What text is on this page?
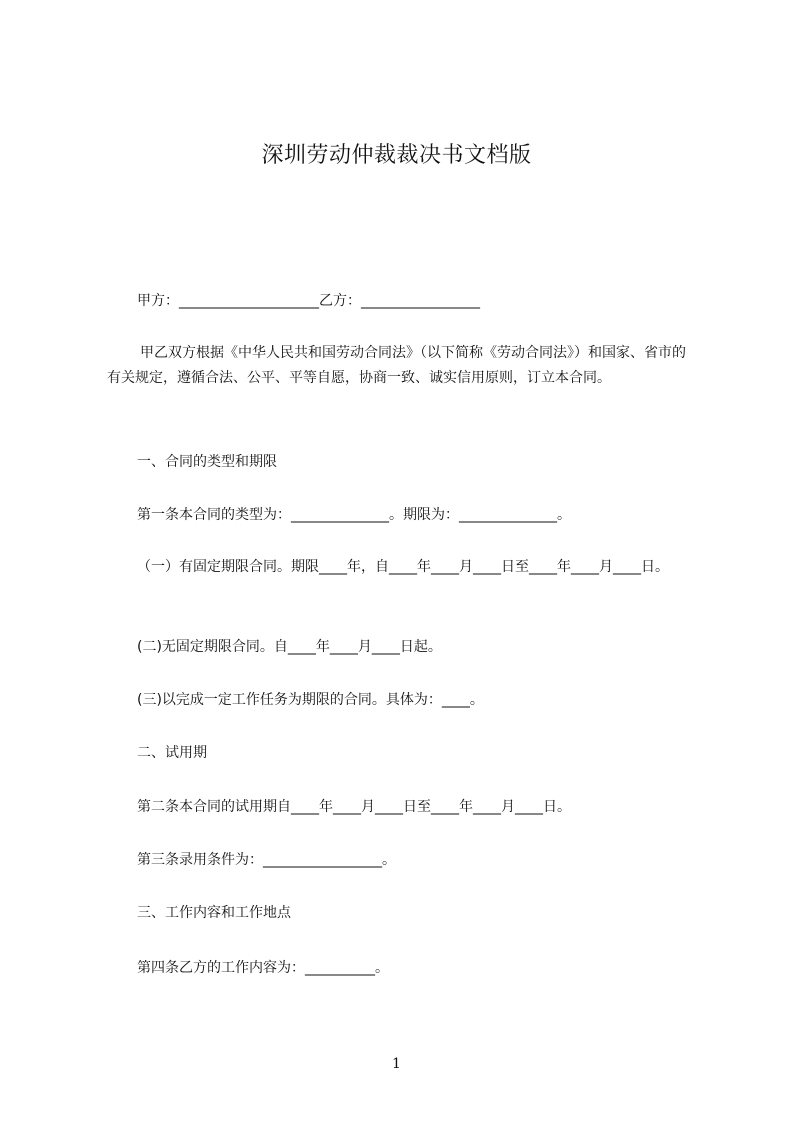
深圳劳动仲裁裁决书文档版
甲方：____________________乙方：_________________
甲乙双方根据《中华人民共和国劳动合同法》（以下简称《劳动合同法》）和国家、省市的有关规定，遵循合法、公平、平等自愿，协商一致、诚实信用原则，订立本合同。
一、合同的类型和期限
第一条本合同的类型为：______________。期限为：______________。
（一）有固定期限合同。期限____年，自____年____月____日至____年____月____日。
(二)无固定期限合同。自____年____月____日起。
(三)以完成一定工作任务为期限的合同。具体为：____。
二、试用期
第二条本合同的试用期自____年____月____日至____年____月____日。
第三条录用条件为：_________________。
三、工作内容和工作地点
第四条乙方的工作内容为：__________。
1
